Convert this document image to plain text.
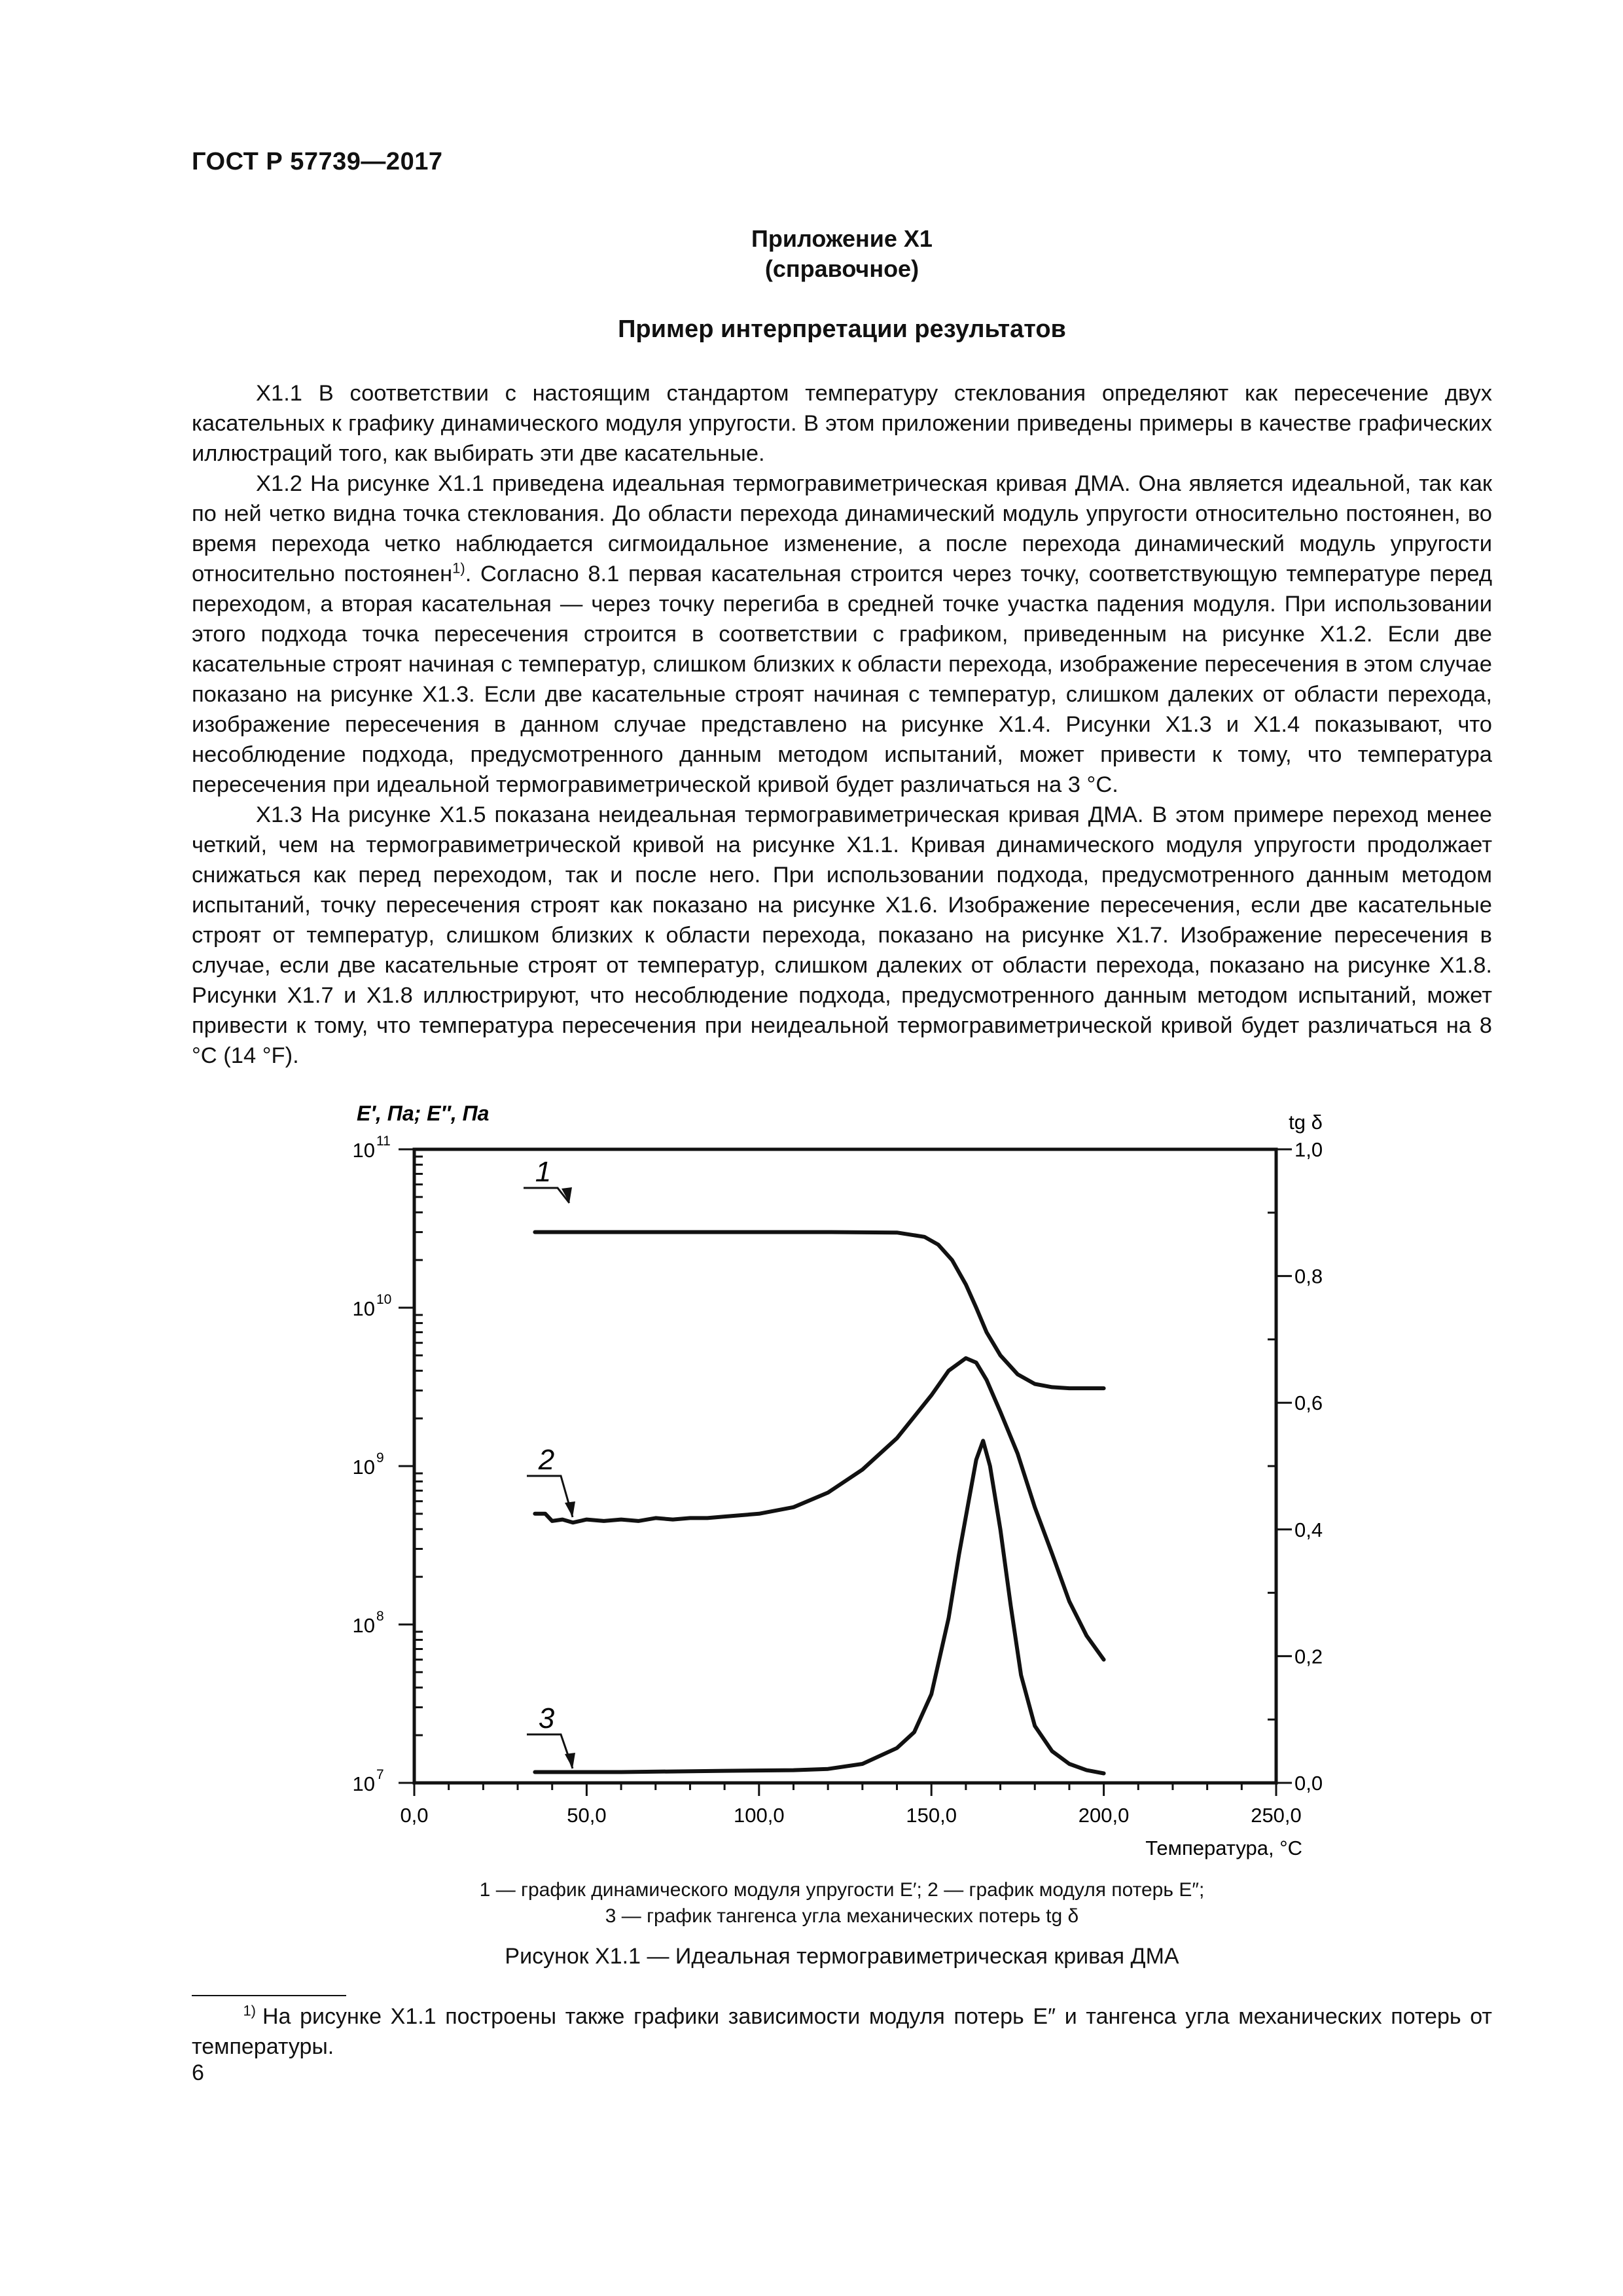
ГОСТ Р 57739—2017
Приложение X1
(справочное)
Пример интерпретации результатов

X1.1 В соответствии с настоящим стандартом температуру стеклования определяют как пересечение двух касательных к графику динамического модуля упругости. В этом приложении приведены примеры в качестве графических иллюстраций того, как выбирать эти две касательные.

X1.2 На рисунке X1.1 приведена идеальная термогравиметрическая кривая ДМА. Она является идеальной, так как по ней четко видна точка стеклования. До области перехода динамический модуль упругости относительно постоянен, во время перехода четко наблюдается сигмоидальное изменение, а после перехода динамический модуль упругости относительно постоянен$^{1)}$. Согласно 8.1 первая касательная строится через точку, соответствующую температуре перед переходом, а вторая касательная — через точку перегиба в средней точке участка падения модуля. При использовании этого подхода точка пересечения строится в соответствии с графиком, приведенным на рисунке X1.2. Если две касательные строят начиная с температур, слишком близких к области перехода, изображение пересечения в этом случае показано на рисунке X1.3. Если две касательные строят начиная с температур, слишком далеких от области перехода, изображение пересечения в данном случае представлено на рисунке X1.4. Рисунки X1.3 и X1.4 показывают, что несоблюдение подхода, предусмотренного данным методом испытаний, может привести к тому, что температура пересечения при идеальной термогравиметрической кривой будет различаться на 3 °С.

X1.3 На рисунке X1.5 показана неидеальная термогравиметрическая кривая ДМА. В этом примере переход менее четкий, чем на термогравиметрической кривой на рисунке X1.1. Кривая динамического модуля упругости продолжает снижаться как перед переходом, так и после него. При использовании подхода, предусмотренного данным методом испытаний, точку пересечения строят как показано на рисунке X1.6. Изображение пересечения, если две касательные строят от температур, слишком близких к области перехода, показано на рисунке X1.7. Изображение пересечения в случае, если две касательные строят от температур, слишком далеких от области перехода, показано на рисунке X1.8. Рисунки X1.7 и X1.8 иллюстрируют, что несоблюдение подхода, предусмотренного данным методом испытаний, может привести к тому, что температура пересечения при неидеальной термогравиметрической кривой будет различаться на 8 °С (14 °F).

0,0	50,0	100,0	150,0	200,0	250,0
Температура, °С
10 7
10 8
10 9
10 10
10 11
E′, Па; E″, Па
0,0
0,2
0,4
0,6
0,8
1,0
tg δ
1
2
3
1 — график динамического модуля упругости E′; 2 — график модуля потерь E″;
3 — график тангенса угла механических потерь tg δ
Рисунок X1.1 — Идеальная термогравиметрическая кривая ДМА
$^{1)}$ На рисунке X1.1 построены также графики зависимости модуля потерь E″ и тангенса угла механических потерь от температуры.
6
